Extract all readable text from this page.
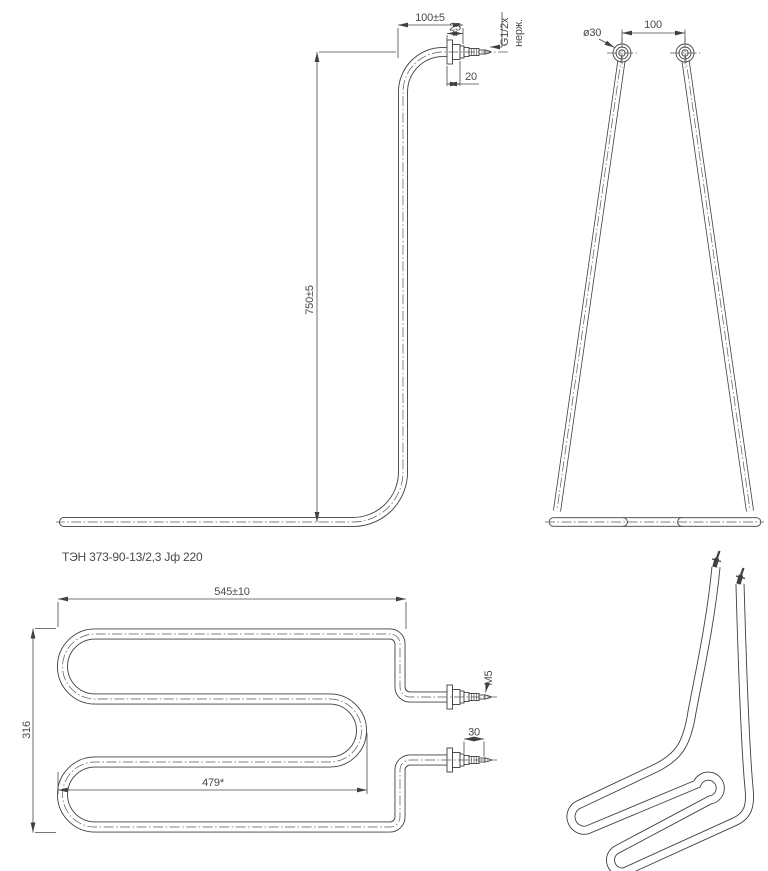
100±5
25
20
G1/2x нерж.
750±5
100
ø30
ТЭН 373-90-13/2,3 Jф 220
545±10
316
479*
M5
30
